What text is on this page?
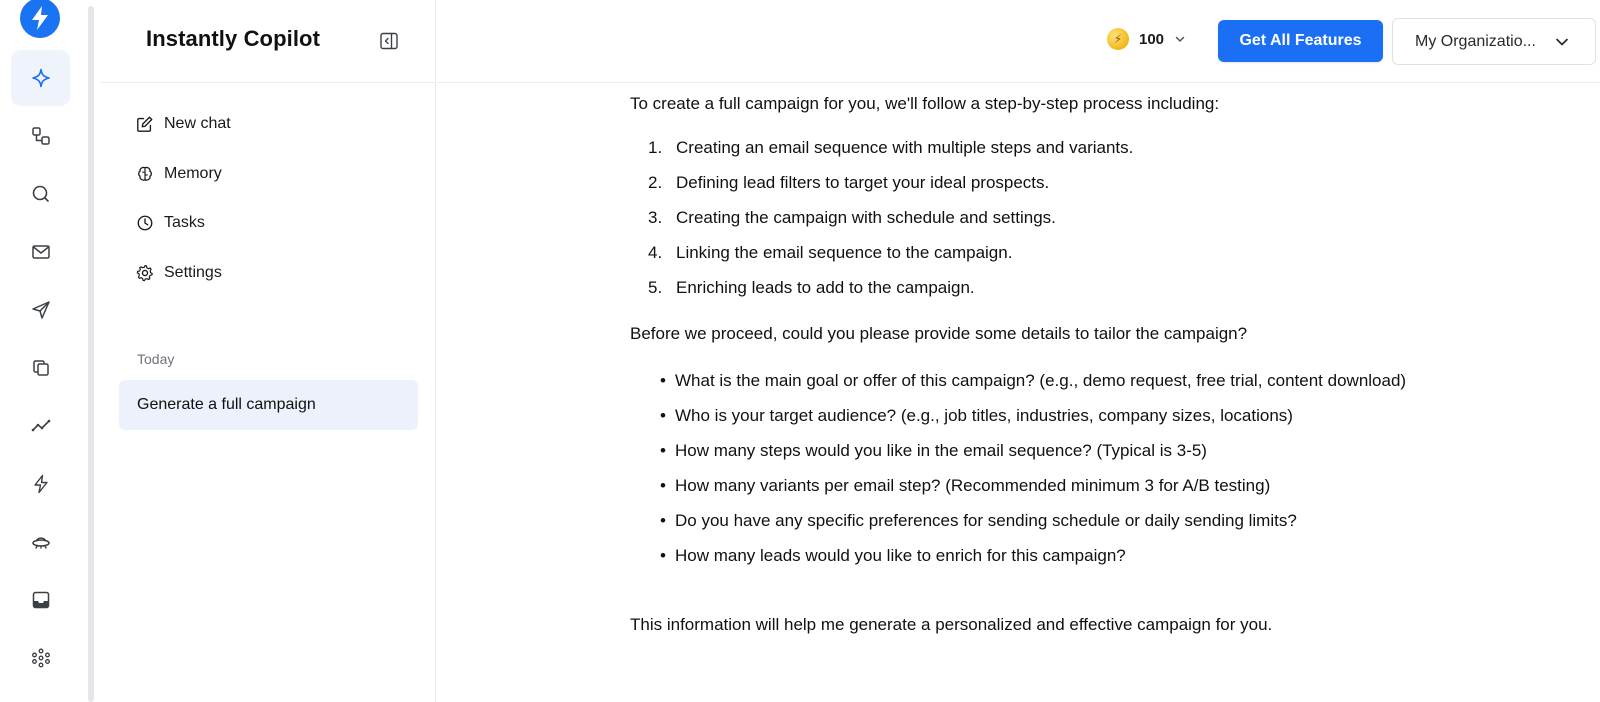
Instantly Copilot
New chat
Memory
Tasks
Settings
Today
Generate a full campaign
⚡	100	Get All Features	My Organizatio...
To create a full campaign for you, we'll follow a step-by-step process including:
1. Creating an email sequence with multiple steps and variants.
2. Defining lead filters to target your ideal prospects.
3. Creating the campaign with schedule and settings.
4. Linking the email sequence to the campaign.
5. Enriching leads to add to the campaign.
Before we proceed, could you please provide some details to tailor the campaign?
• What is the main goal or offer of this campaign? (e.g., demo request, free trial, content download)
• Who is your target audience? (e.g., job titles, industries, company sizes, locations)
• How many steps would you like in the email sequence? (Typical is 3-5)
• How many variants per email step? (Recommended minimum 3 for A/B testing)
• Do you have any specific preferences for sending schedule or daily sending limits?
• How many leads would you like to enrich for this campaign?
This information will help me generate a personalized and effective campaign for you.
